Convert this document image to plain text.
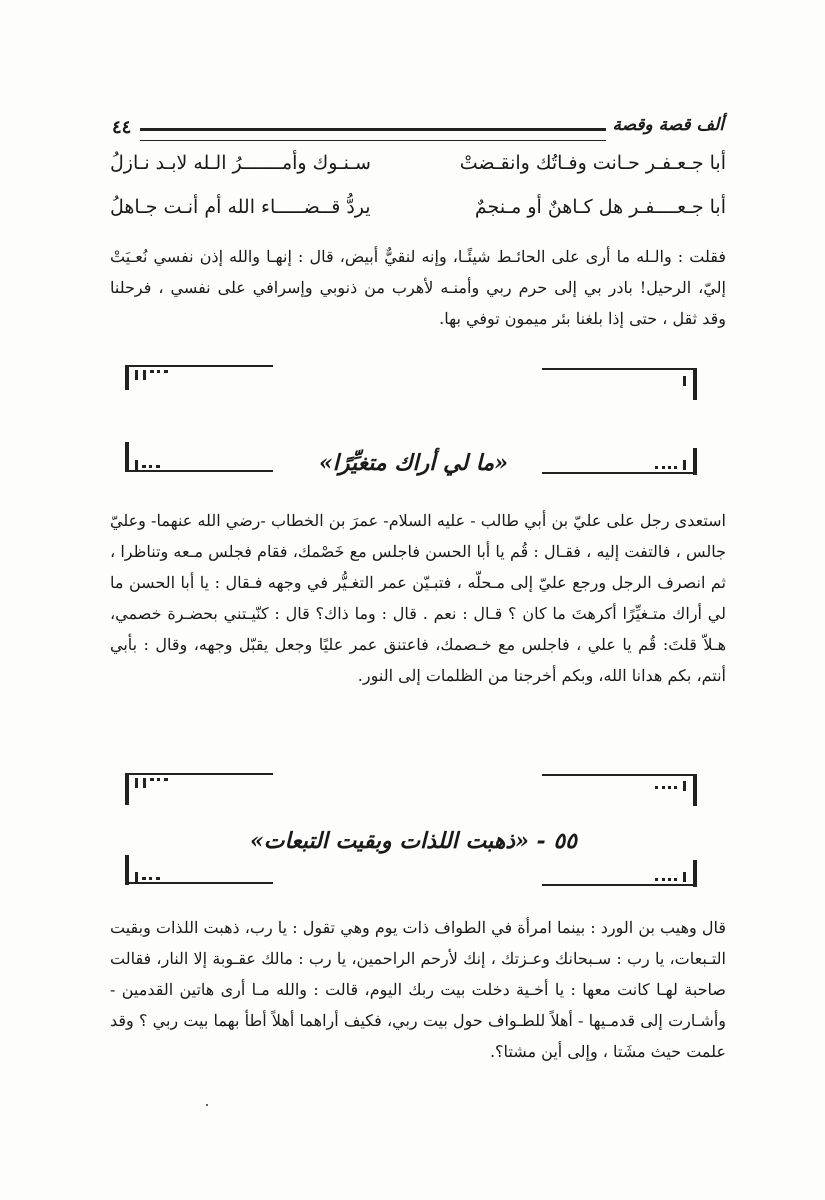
ألف قصة وقصة
٤٤
أبا جـعـفـر حـانت وفـاتُك وانقـضتْ
سـنـوك وأمـــــــرُ الـله لابـد نـازلُ
أبا جـعــــفـر هل كـاهنٌ أو مـنجمٌ
يردُّ قــضـــــاء الله أم أنـت جـاهلُ
فقلت : والـله ما أرى على الحائـط شيئًـا، وإنه لنقيٌّ أبيض، قال : إنهـا والله إذن نفسي نُعـيَتْ إليّ، الرحيل! بادر بي إلى حرم ربي وأمنـه لأهرب من ذنوبي وإسرافي على نفسي ، فرحلنا وقد ثقل ، حتى إذا بلغنا بئر ميمون توفي بها.
«ما لي أراك متغيِّرًا»
استعدى رجل على عليّ بن أبي طالب - عليه السلام- عمرَ بن الخطاب -رضي الله عنهما- وعليّ جالس ، فالتفت إليه ، فقـال : قُم يا أبا الحسن فاجلس مع خَصْمك، فقام فجلس مـعه وتناظرا ، ثم انصرف الرجل ورجع عليّ إلى مـحلّه ، فتبـيّن عمر التغـيُّر في وجهه فـقال : يا أبا الحسن ما لي أراك متـغيِّرًا أكرهتَ ما كان ؟ قـال : نعم . قال : وما ذاك؟ قال : كنّيـتني بحضـرة خصمي، هـلاّ قلتَ: قُم يا علي ، فاجلس مع خـصمك، فاعتنق عمر عليًا وجعل يقبّل وجهه، وقال : بأبي أنتم، بكم هدانا الله، وبكم أخرجنا من الظلمات إلى النور.
٥٥ - «ذهبت اللذات وبقيت التبعات»
قال وهيب بن الورد : بينما امرأة في الطواف ذات يوم وهي تقول : يا رب، ذهبت اللذات وبقيت التـبعات، يا رب : سـبحانك وعـزتك ، إنك لأرحم الراحمين، يا رب : مالك عقـوبة إلا النار، فقالت صاحبة لهـا كانت معها : يا أخـية دخلت بيت ربك اليوم، قالت : والله مـا أرى هاتين القدمين - وأشـارت إلى قدمـيها - أهلاً للطـواف حول بيت ربي، فكيف أراهما أهلاً أطأ بهما بيت ربي ؟ وقد علمت حيث مشَتا ، وإلى أين مشتا؟.
